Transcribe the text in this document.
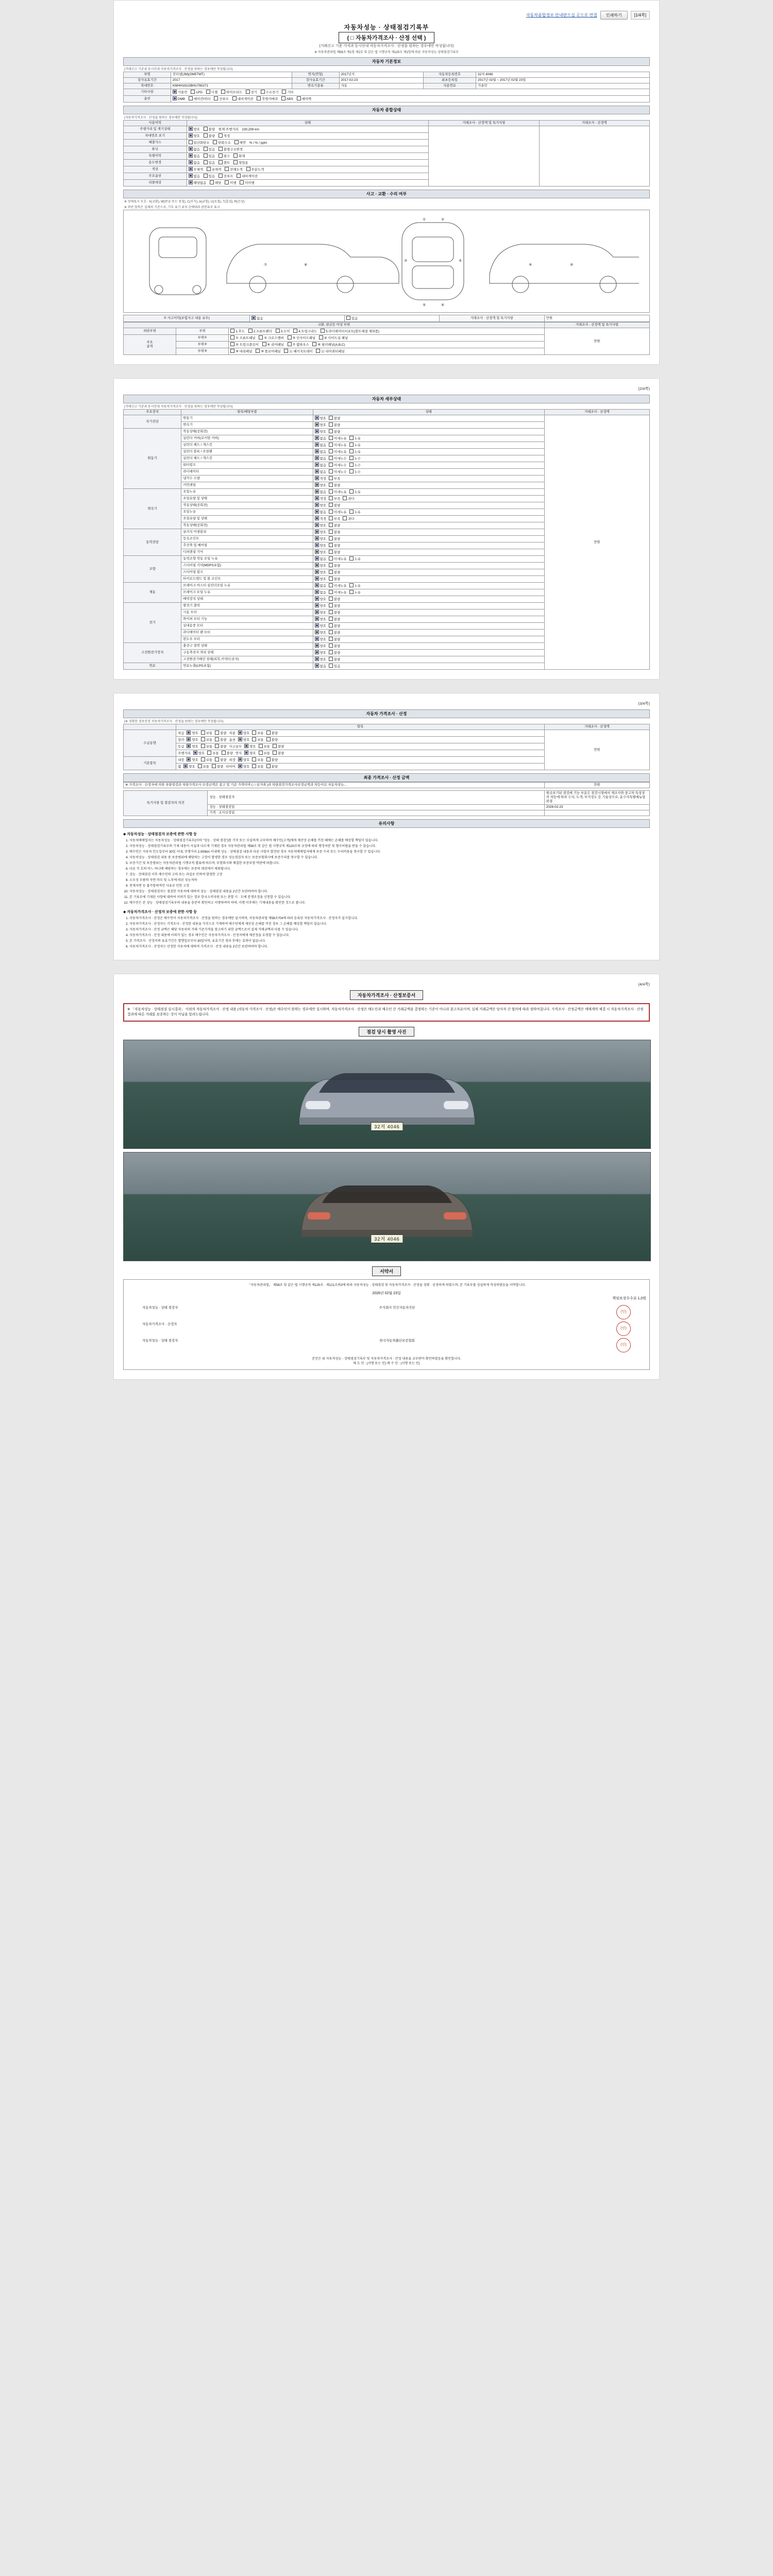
자동차종합정보 안내받으실 곳으로 연결	인쇄하기	[1/4쪽]
자동차성능 · 상태점검기록부
( □ 자동차가격조사 · 산정 선택 )
(거래신고 기준 가격과 동시안내 자동차가격조사 · 산정을 원하는 경우에만 작성됩니다)
※ 자동차관리법 제58조 제1항 제2호 및 같은 법 시행규칙 제120조 제1항에 따른 자동차성능·상태점검기록부
자동차 기본정보
(거래신고 기준과 동시안내 자동차가격조사 · 산정을 원하는 경우에만 작성됩니다)
차명	컨티넬(JM)(SM5TMT)	연식(연형)	2017년식	자동차등록번호	32저 4046
검사유효기간	2017	검사유효기간	2017-02-23	최초등록일	2017년 02월 ~ 2017년 02월 23일
차대번호	KMHH161GBHU760271	변속기종류	자동	사용연료	가솔린
기타사항	가솔린 LPG 디젤 하이브리드 전기 수소전기 기타				
옵션	DMB 에어컨/히터 선루프 내비게이션 후방카메라 ABS 에어백				
자동차 종합상태
(자동차가격조사 · 산정을 원하는 경우에만 작성됩니다)
사용이력	상태	거래조사 · 산정액 및 특기사항	거래조사 · 산정액
주행거리 및 계기상태	양호 불량 현재 주행거리 230,206 km		
차대번호 표기	양호 불량 적정		
배출가스	일산화탄소 탄화수소 매연 % / % / ppm		
튜닝	없음 있음 불법구조변경		
특별이력	없음 있음 침수 화재		
용도변경	없음 있음 렌트 영업용		
색상	무채색 유채색 전체도색 부분도색		
주요옵션	없음 있음 선루프 내비게이션		
리콜대상	해당없음 해당 이행 미이행		
사고 · 교환 · 수리 여부
※ 상태표시 부호 : X(교환), W(판금 또는 용접), C(부식), A(긁힘), U(요철), T(흠집), R(손상)
※ 하단 항목은 실제의 기준으로, 기호 표기 위치 순에따라 관련표로 표시
①	②
③	④
⑤	⑥
⑦	⑧	⑨	⑩
① 사고이력(보험사고 내용 유무)	없음	있음	거래조사 · 산정액 및 특기사항	만원
교환, 판금등 이상 부위			거래조사 · 산정액 및 특기사항
외판부위	부위	1.후드 2.프론트펜더 3.도어 4.트렁크리드 5.라디에이터서포트(볼트체결 제외품)	만원
주요
골격	부위①	① 프론트패널 ② 크로스멤버 ③ 인사이드패널 ④ 사이드실 패널	
	부위②	⑤ 트렁크플로어 ⑥ 리어패널 ⑦ 휠하우스 ⑧ 필러패널(A,B,C)	
	부위③	⑨ 대쉬패널 ⑩ 플로어패널 ⑪ 패키지트레이 ⑫ 리어쿼터패널	
(2/4쪽)
자동차 세부상태
(거래신고 기준과 동시안내 자동차가격조사 · 산정을 원하는 경우에만 작성됩니다)
주요장치	항목/해당부품	상태	거래조사 · 산정액
자기진단	원동기	양호 불량	만원
	변속기	양호 불량	
원동기	작동상태(공회전)	양호 불량	
	실린더 커버(로커암 커버)	없음 미세누유 누유	
	실린더 헤드 / 개스킷	없음 미세누유 누유	
	실린더 블록 / 오일팬	없음 미세누유 누유	
	실린더 헤드 / 개스킷	없음 미세누수 누수	
	워터펌프	없음 미세누수 누수	
	라디에이터	없음 미세누수 누수	
	냉각수 수량	적정 부족	
	커먼레일	양호 불량	
변속기	오일누유	없음 미세누유 누유	
	오일유량 및 상태	적정 부족 과다	
	작동상태(공회전)	양호 불량	
	오일누유	없음 미세누유 누유	
	오일유량 및 상태	적정 부족 과다	
	작동상태(공회전)	양호 불량	
동력전달	클러치 어셈블리	양호 불량	
	등속조인트	양호 불량	
	추진축 및 베어링	양호 불량	
	디퍼렌셜 기어	양호 불량	
조향	동력조향 작동 오일 누유	없음 미세누유 누유	
	스티어링 기어(MDPS포함)	양호 불량	
	스티어링 펌프	양호 불량	
	타이로드엔드 및 볼 조인트	양호 불량	
제동	브레이크 마스터 실린더오일 누유	없음 미세누유 누유	
	브레이크 오일 누유	없음 미세누유 누유	
	배력장치 상태	양호 불량	
전기	발전기 출력	양호 불량	
	시동 모터	양호 불량	
	와이퍼 모터 기능	양호 불량	
	실내송풍 모터	양호 불량	
	라디에이터 팬 모터	양호 불량	
	윈도우 모터	양호 불량	
고전원전기장치	충전구 절연 상태	양호 불량	
	구동축전지 격리 상태	양호 불량	
	고전원전기배선 상태(피복,커넥터,단자)	양호 불량	
연료	연료누출(LPG포함)	없음 있음	
(3/4쪽)
자동차 가격조사 · 산정
(※ 정확한 정보산정 자동차가격조사 · 산정을 원하는 경우에만 작성됩니다)
	항목	거래조사 · 산정액
수급동향	차급 양호 보통 불량 차종 양호 보통 불량	만원
	컬러 양호 보통 불량 옵션 양호 보통 불량	
	등급 양호 보통 불량 사고유무 양호 보통 불량	
	주행거리 양호 보통 불량 연식 양호 보통 불량	
기본품목	내장 양호 보통 불량 외장 양호 보통 불량	
	휠 양호 보통 불량 타이어 양호 보통 불량	
최종 가격조사 · 산정 금액
※ 가격조사 · 산정자에 의한 차량점검과 차량가격조사 산정금액은 참고 및 기준 가격이며 ( □ 실거래 )과 차량점검가격조사산정금액과 차등이로 자동차성능...	만원
특기사항 및 점검자의 의견	성능 · 상태점검자	원금표기된 점검에 기능 부분은 점검시점에서 제조사와 중고차 특성상의 차등에 따라 수치, 도색, 부식정도 등 기술상으로, 운수사특별매뉴얼판결
	성능 · 상태점검일	2026-02-23
	가격 · 조사산정일	
유의사항
◆ 자동차성능 · 상태점검자 보증에 관한 사항 등
1. 자동차매매업자는 자동차성능 · 상태점검기록부(이하 "성능 · 상태 점검")를 거짓 또는 부실하게 교부하여 매수인(고객)에게 재산상 손해를 끼친 때에는 손해를 배상할 책임이 있습니다.
2. 자동차성능 · 상태점검기록부의 기재 내용이 사실과 다르게 기재된 경우 자동차관리법 제58조 및 같은 법 시행규칙 제120조의 규정에 따라 행정처분 및 형사처벌을 받을 수 있습니다.
3. 매수인은 자동차 인도일부터 30일 이내, 주행거리 2,000km 이내에 성능 · 상태점검 내용과 다른 사항이 발견된 경우 자동차매매업자에게 보증 수리 또는 수리비용을 청구할 수 있습니다.
4. 자동차성능 · 상태점검 내용 중 보증범위에 해당하는 고장이 발생한 경우 성능점검자 또는 보증보험회사에 보증수리를 청구할 수 있습니다.
5. 보증기간 및 보증범위는 자동차관리법 시행규칙 별표에 따르며, 보험회사와 체결한 보증보험 약관에 따릅니다.
6. 다음 각 호의 어느 하나에 해당하는 경우에는 보증의 대상에서 제외됩니다.
7. 성능 · 상태점검 이후 매수인의 고의 또는 과실로 인하여 발생한 고장
8. 소모성 부품의 자연 마모 및 노후에 따른 성능저하
9. 천재지변 등 불가항력적인 사유로 인한 고장
10. 자동차성능 · 상태점검자는 점검한 자동차에 대하여 성능 · 상태점검 내용을 2년간 보관하여야 합니다.
11. 본 기록부에 기재된 사항에 대하여 이의가 있는 경우 한국소비자원 또는 관할 시 · 도에 분쟁조정을 신청할 수 있습니다.
12. 매수인은 본 성능 · 상태점검기록부의 내용을 충분히 확인하고 서명하여야 하며, 서명 이후에는 기재내용을 확인한 것으로 봅니다.
◆ 자동차가격조사 · 산정자 보증에 관한 사항 등
1. 자동차가격조사 · 산정은 매수인이 자동차가격조사 · 산정을 원하는 경우에만 실시하며, 자동차관리법 제58조의4에 따라 등록된 자동차가격조사 · 산정자가 실시합니다.
2. 자동차가격조사 · 산정자는 가격조사 · 산정한 내용을 거짓으로 기재하여 매수인에게 재산상 손해를 끼친 경우 그 손해를 배상할 책임이 있습니다.
3. 자동차가격조사 · 산정 금액은 해당 자동차의 거래 기준가격을 참고하기 위한 금액으로서 실제 거래금액과 다를 수 있습니다.
4. 자동차가격조사 · 산정 내용에 이의가 있는 경우 매수인은 자동차가격조사 · 산정자에게 재산정을 요청할 수 있습니다.
5. 본 가격조사 · 산정서의 유효기간은 발행일로부터 30일이며, 유효기간 경과 후에는 효력이 없습니다.
6. 자동차가격조사 · 산정자는 산정한 자동차에 대하여 가격조사 · 산정 내용을 2년간 보관하여야 합니다.
(4/4쪽)
자동차가격조사 · 산정보증서
※ 「자동차성능 · 상태점검 실시결과」 이외의 자동차가격조사 · 산정 내용 (자동차 가격조사 · 산정)은 매수인이 원하는 경우에만 실시하며, 자동차가격조사 · 산정은 매도인과 매수인 간 거래금액을 결정하는 기준이 아니라 참고자료이며, 실제 거래금액은 당사자 간 협의에 따라 정하여집니다. 가격조사 · 산정금액은 매매계약 체결 시 자동차가격조사 · 산정 결과에 따른 거래를 보증하는 것이 아님을 알려드립니다.
점검 당시 촬영 사진
32저 4046
32저 4046
서약서
「자동차관리법」 제58조 및 같은 법 시행규칙 제120조 · 제121조의3에 따라 자동차성능 · 상태점검 및 자동차가격조사 · 산정을 정확 · 공정하게 하였으며, 본 기록부를 성실하게 작성하였음을 서약합니다.
2026년 02월 23일
책임보장수수료 1,0원
자동차성능 · 상태 점검자	주식회사 민간자동차진단
(인)
자동차가격조사 · 산정자
(인)
자동차성능 · 상태 점검자	한국자동차進단보증협회
(인)
본인은 위 자동차성능 · 상태점검기록부 및 자동차가격조사 · 산정 내용을 교부받아 확인하였음을 확인합니다.
매 도 인 : (서명 또는 인) 매 수 인 : (서명 또는 인)
